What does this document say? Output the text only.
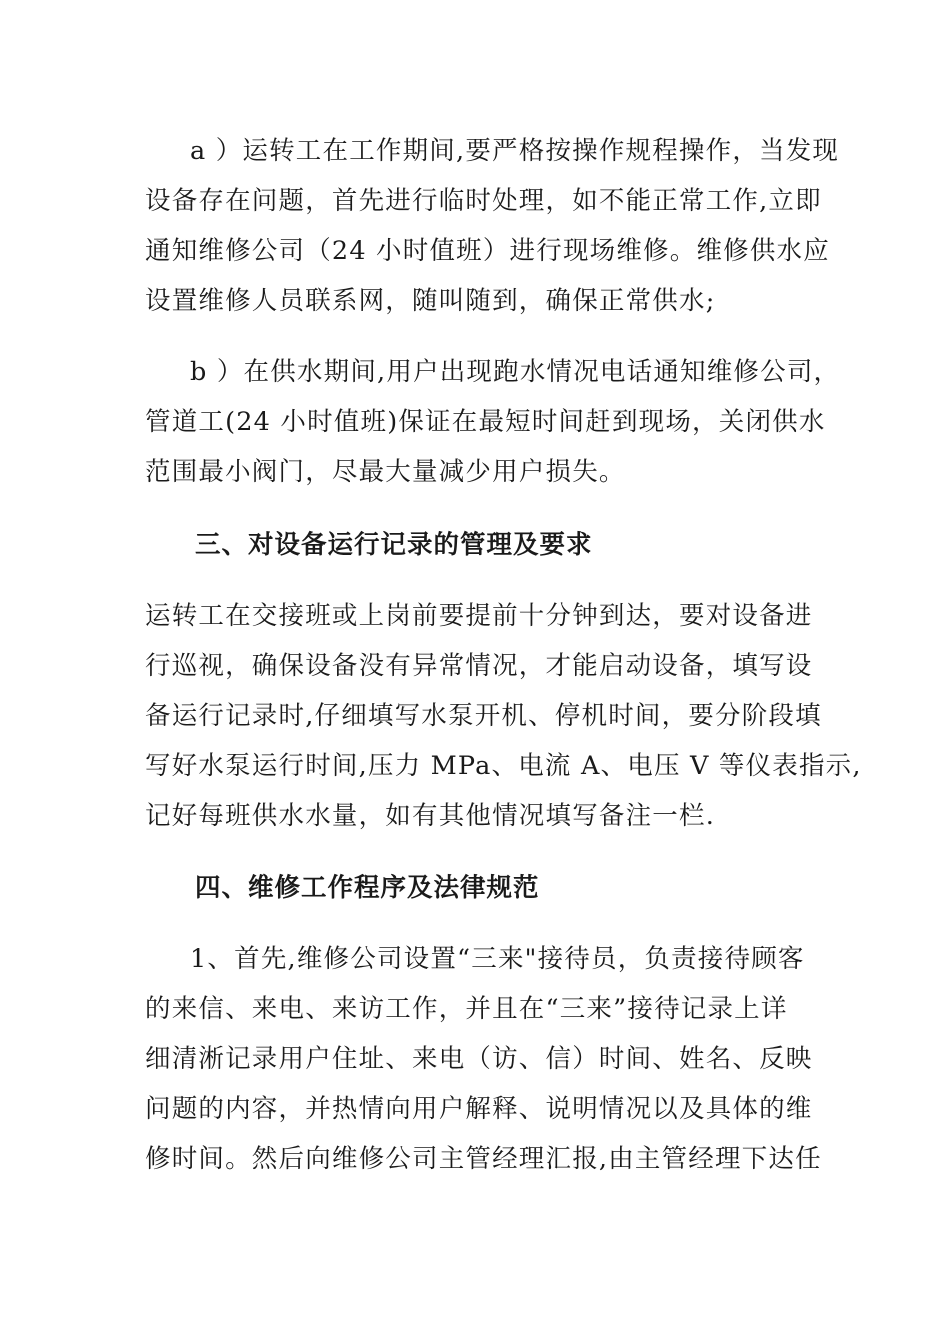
a ）运转工在工作期间,要严格按操作规程操作，当发现
设备存在问题，首先进行临时处理，如不能正常工作,立即
通知维修公司（24 小时值班）进行现场维修。维修供水应
设置维修人员联系网，随叫随到，确保正常供水;
b ）在供水期间,用户出现跑水情况电话通知维修公司，
管道工(24 小时值班)保证在最短时间赶到现场，关闭供水
范围最小阀门，尽最大量减少用户损失。
三、对设备运行记录的管理及要求
运转工在交接班或上岗前要提前十分钟到达，要对设备进
行巡视，确保设备没有异常情况，才能启动设备，填写设
备运行记录时,仔细填写水泵开机、停机时间，要分阶段填
写好水泵运行时间,压力 MPa、电流 A、电压 V 等仪表指示,
记好每班供水水量，如有其他情况填写备注一栏.
四、维修工作程序及法律规范
1、首先,维修公司设置“三来"接待员，负责接待顾客
的来信、来电、来访工作，并且在“三来”接待记录上详
细清淅记录用户住址、来电（访、信）时间、姓名、反映
问题的内容，并热情向用户解释、说明情况以及具体的维
修时间。然后向维修公司主管经理汇报,由主管经理下达任
